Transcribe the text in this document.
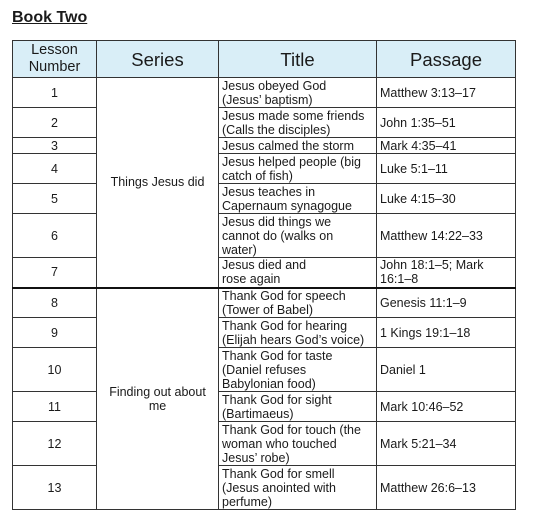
Book Two
Lesson Number	Series	Title	Passage
1	Things Jesus did	Jesus obeyed God
(Jesus’ baptism)	Matthew 3:13–17
2		Jesus made some friends
(Calls the disciples)	John 1:35–51
3		Jesus calmed the storm	Mark 4:35–41
4		Jesus helped people (big
catch of fish)	Luke 5:1–11
5		Jesus teaches in
Capernaum synagogue	Luke 4:15–30
6		Jesus did things we
cannot do (walks on
water)	Matthew 14:22–33
7		Jesus died and
rose again	John 18:1–5; Mark
16:1–8
8	Finding out about me	Thank God for speech
(Tower of Babel)	Genesis 11:1–9
9		Thank God for hearing
(Elijah hears God’s voice)	1 Kings 19:1–18
10		Thank God for taste
(Daniel refuses
Babylonian food)	Daniel 1
11		Thank God for sight
(Bartimaeus)	Mark 10:46–52
12		Thank God for touch (the
woman who touched
Jesus’ robe)	Mark 5:21–34
13		Thank God for smell
(Jesus anointed with
perfume)	Matthew 26:6–13
